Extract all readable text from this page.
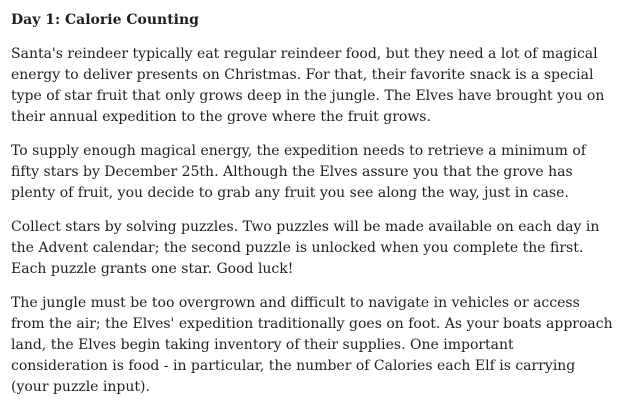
Day 1: Calorie Counting

Santa's reindeer typically eat regular reindeer food, but they need a lot of magical
energy to deliver presents on Christmas. For that, their favorite snack is a special
type of star fruit that only grows deep in the jungle. The Elves have brought you on
their annual expedition to the grove where the fruit grows.

To supply enough magical energy, the expedition needs to retrieve a minimum of
fifty stars by December 25th. Although the Elves assure you that the grove has
plenty of fruit, you decide to grab any fruit you see along the way, just in case.

Collect stars by solving puzzles. Two puzzles will be made available on each day in
the Advent calendar; the second puzzle is unlocked when you complete the first.
Each puzzle grants one star. Good luck!

The jungle must be too overgrown and difficult to navigate in vehicles or access
from the air; the Elves' expedition traditionally goes on foot. As your boats approach
land, the Elves begin taking inventory of their supplies. One important
consideration is food - in particular, the number of Calories each Elf is carrying
(your puzzle input).
